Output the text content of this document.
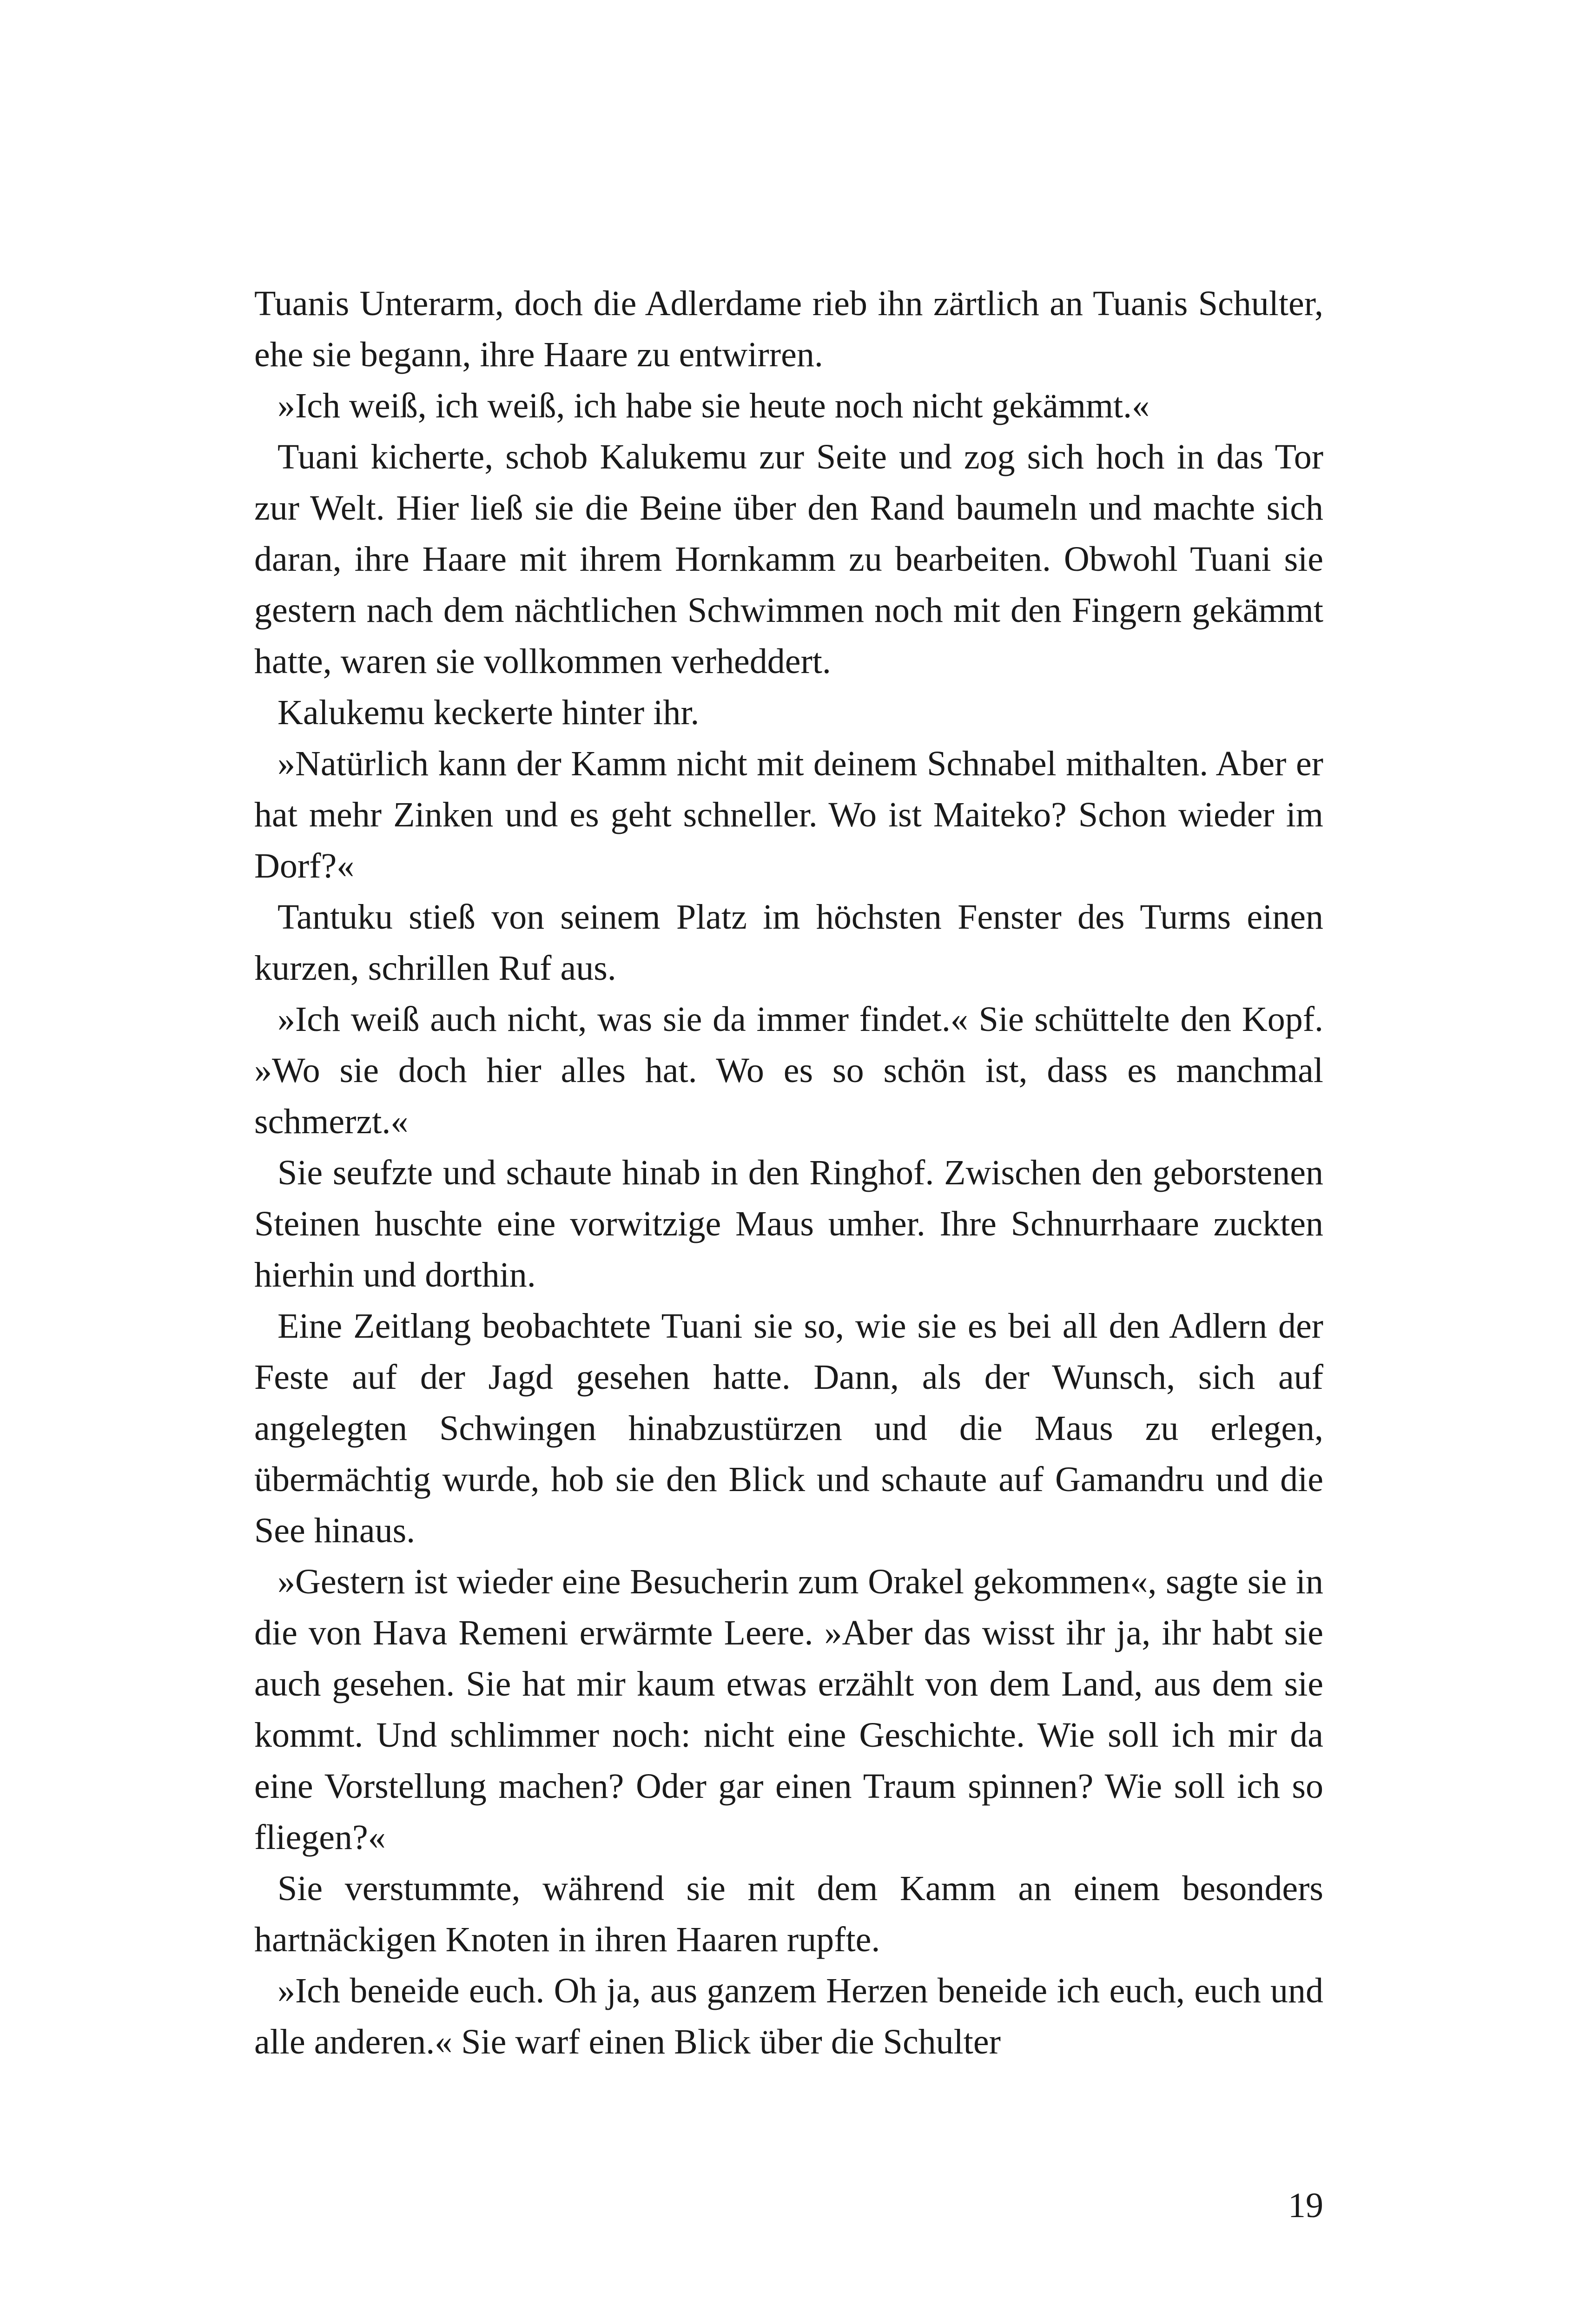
Tuanis Unterarm, doch die Adlerdame rieb ihn zärtlich an Tuanis Schulter, ehe sie begann, ihre Haare zu entwirren.

»Ich weiß, ich weiß, ich habe sie heute noch nicht gekämmt.«

Tuani kicherte, schob Kalukemu zur Seite und zog sich hoch in das Tor zur Welt. Hier ließ sie die Beine über den Rand baumeln und machte sich daran, ihre Haare mit ihrem Hornkamm zu bearbeiten. Obwohl Tuani sie gestern nach dem nächtlichen Schwimmen noch mit den Fingern gekämmt hatte, waren sie vollkommen verheddert.

Kalukemu keckerte hinter ihr.

»Natürlich kann der Kamm nicht mit deinem Schnabel mithalten. Aber er hat mehr Zinken und es geht schneller. Wo ist Maiteko? Schon wieder im Dorf?«

Tantuku stieß von seinem Platz im höchsten Fenster des Turms einen kurzen, schrillen Ruf aus.

»Ich weiß auch nicht, was sie da immer findet.« Sie schüttelte den Kopf. »Wo sie doch hier alles hat. Wo es so schön ist, dass es manchmal schmerzt.«

Sie seufzte und schaute hinab in den Ringhof. Zwischen den geborstenen Steinen huschte eine vorwitzige Maus umher. Ihre Schnurrhaare zuckten hierhin und dorthin.

Eine Zeitlang beobachtete Tuani sie so, wie sie es bei all den Adlern der Feste auf der Jagd gesehen hatte. Dann, als der Wunsch, sich auf angelegten Schwingen hinabzustürzen und die Maus zu erlegen, übermächtig wurde, hob sie den Blick und schaute auf Gamandru und die See hinaus.

»Gestern ist wieder eine Besucherin zum Orakel gekommen«, sagte sie in die von Hava Remeni erwärmte Leere. »Aber das wisst ihr ja, ihr habt sie auch gesehen. Sie hat mir kaum etwas erzählt von dem Land, aus dem sie kommt. Und schlimmer noch: nicht eine Geschichte. Wie soll ich mir da eine Vorstellung machen? Oder gar einen Traum spinnen? Wie soll ich so fliegen?«

Sie verstummte, während sie mit dem Kamm an einem besonders hartnäckigen Knoten in ihren Haaren rupfte.

»Ich beneide euch. Oh ja, aus ganzem Herzen beneide ich euch, euch und alle anderen.« Sie warf einen Blick über die Schulter

19
